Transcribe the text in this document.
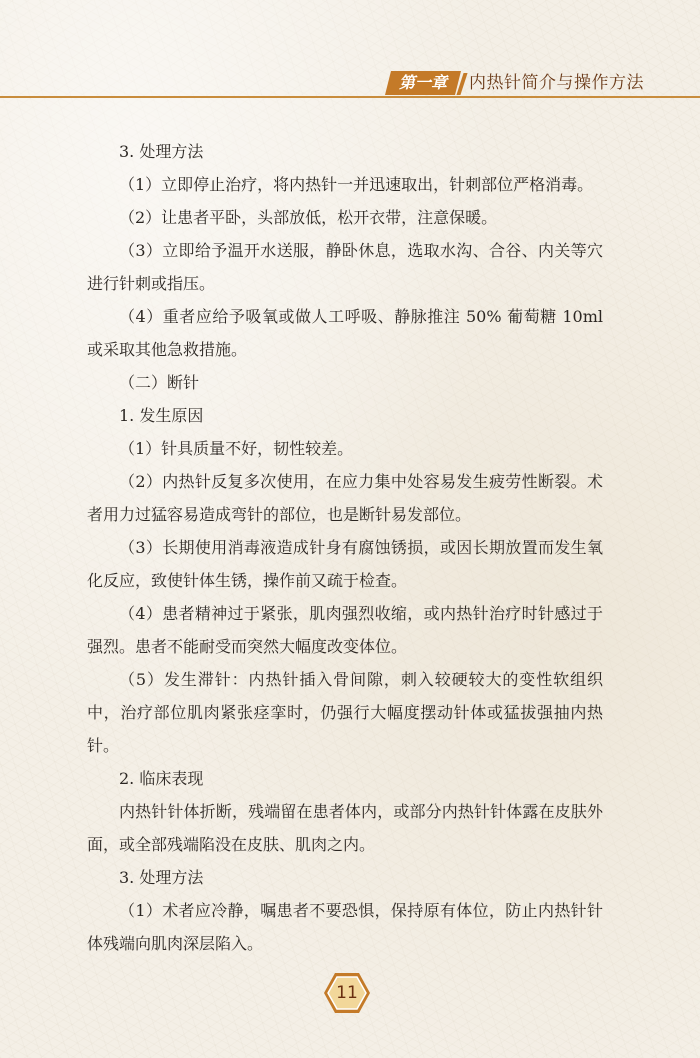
第一章	内热针简介与操作方法

3. 处理方法

（1）立即停止治疗，将内热针一并迅速取出，针刺部位严格消毒。

（2）让患者平卧，头部放低，松开衣带，注意保暖。

（3）立即给予温开水送服，静卧休息，选取水沟、合谷、内关等穴进行针刺或指压。

（4）重者应给予吸氧或做人工呼吸、静脉推注 50% 葡萄糖 10ml 或采取其他急救措施。

（二）断针

1. 发生原因

（1）针具质量不好，韧性较差。

（2）内热针反复多次使用，在应力集中处容易发生疲劳性断裂。术者用力过猛容易造成弯针的部位，也是断针易发部位。

（3）长期使用消毒液造成针身有腐蚀锈损，或因长期放置而发生氧化反应，致使针体生锈，操作前又疏于检查。

（4）患者精神过于紧张，肌肉强烈收缩，或内热针治疗时针感过于强烈。患者不能耐受而突然大幅度改变体位。

（5）发生滞针：内热针插入骨间隙，刺入较硬较大的变性软组织中，治疗部位肌肉紧张痉挛时，仍强行大幅度摆动针体或猛拔强抽内热针。

2. 临床表现

内热针针体折断，残端留在患者体内，或部分内热针针体露在皮肤外面，或全部残端陷没在皮肤、肌肉之内。

3. 处理方法

（1）术者应冷静，嘱患者不要恐惧，保持原有体位，防止内热针针体残端向肌肉深层陷入。

11
